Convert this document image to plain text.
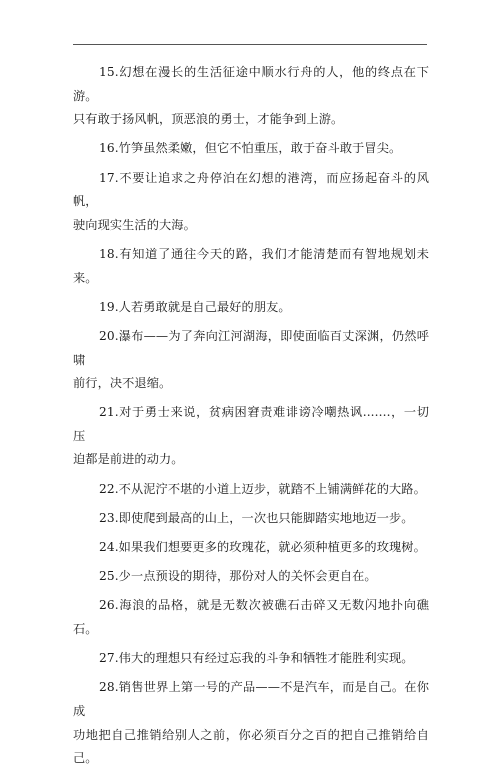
15.幻想在漫长的生活征途中顺水行舟的人，他的终点在下游。
只有敢于扬风帆，顶恶浪的勇士，才能争到上游。

16.竹笋虽然柔嫩，但它不怕重压，敢于奋斗敢于冒尖。

17.不要让追求之舟停泊在幻想的港湾，而应扬起奋斗的风帆，
驶向现实生活的大海。

18.有知道了通往今天的路，我们才能清楚而有智地规划未来。

19.人若勇敢就是自己最好的朋友。

20.瀑布——为了奔向江河湖海，即使面临百丈深渊，仍然呼啸
前行，决不退缩。

21.对于勇士来说，贫病困窘责难诽谤冷嘲热讽.......，一切压
迫都是前进的动力。

22.不从泥泞不堪的小道上迈步，就踏不上铺满鲜花的大路。

23.即使爬到最高的山上，一次也只能脚踏实地地迈一步。

24.如果我们想要更多的玫瑰花，就必须种植更多的玫瑰树。

25.少一点预设的期待，那份对人的关怀会更自在。

26.海浪的品格，就是无数次被礁石击碎又无数闪地扑向礁石。

27.伟大的理想只有经过忘我的斗争和牺牲才能胜利实现。

28.销售世界上第一号的产品——不是汽车，而是自己。在你成
功地把自己推销给别人之前，你必须百分之百的把自己推销给自己。
